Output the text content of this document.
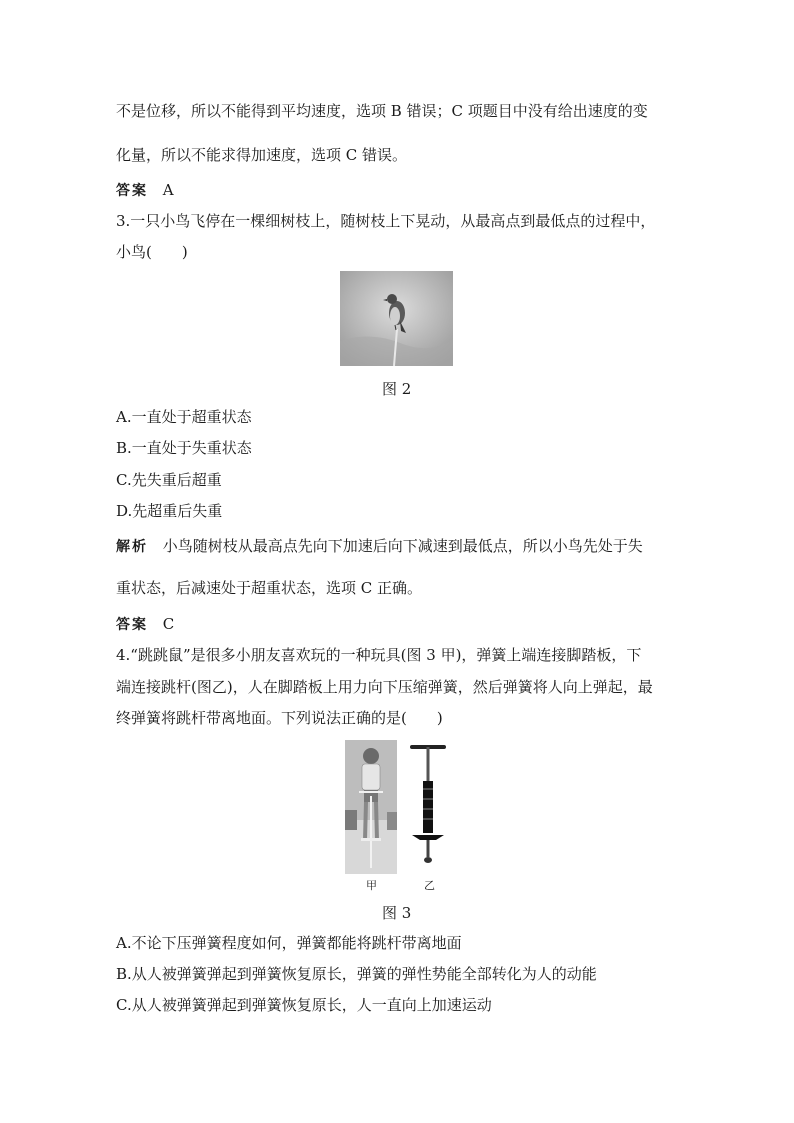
不是位移，所以不能得到平均速度，选项 B 错误；C 项题目中没有给出速度的变
化量，所以不能求得加速度，选项 C 错误。
答案 A
3.一只小鸟飞停在一棵细树枝上，随树枝上下晃动，从最高点到最低点的过程中，
小鸟(　　)
图 2
A.一直处于超重状态
B.一直处于失重状态
C.先失重后超重
D.先超重后失重
解析 小鸟随树枝从最高点先向下加速后向下减速到最低点，所以小鸟先处于失
重状态，后减速处于超重状态，选项 C 正确。
答案 C
4.“跳跳鼠”是很多小朋友喜欢玩的一种玩具(图 3 甲)，弹簧上端连接脚踏板，下
端连接跳杆(图乙)，人在脚踏板上用力向下压缩弹簧，然后弹簧将人向上弹起，最
终弹簧将跳杆带离地面。下列说法正确的是(　　)
甲	乙
图 3
A.不论下压弹簧程度如何，弹簧都能将跳杆带离地面
B.从人被弹簧弹起到弹簧恢复原长，弹簧的弹性势能全部转化为人的动能
C.从人被弹簧弹起到弹簧恢复原长，人一直向上加速运动
